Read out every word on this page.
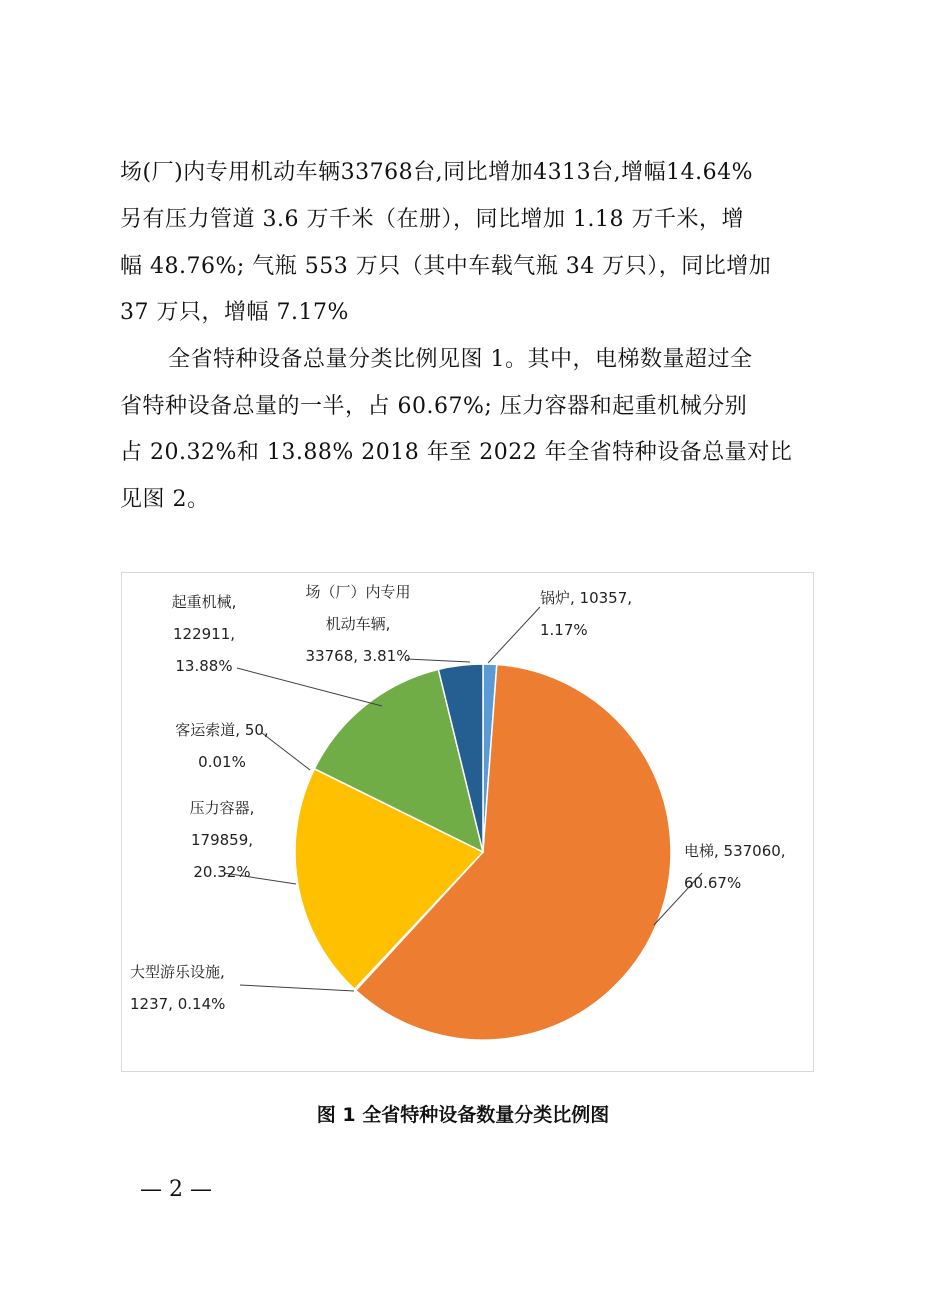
场(厂)内专用机动车辆33768台,同比增加4313台,增幅14.64%
另有压力管道 3.6 万千米（在册），同比增加 1.18 万千米，增
幅 48.76%; 气瓶 553 万只（其中车载气瓶 34 万只），同比增加
37 万只，增幅 7.17%
全省特种设备总量分类比例见图 1。其中，电梯数量超过全
省特种设备总量的一半，占 60.67%; 压力容器和起重机械分别
占 20.32%和 13.88% 2018 年至 2022 年全省特种设备总量对比
见图 2。
锅炉, 10357, 1.17%
电梯, 537060, 60.67%
大型游乐设施, 1237, 0.14%
压力容器, 179859, 20.32%
客运索道, 50, 0.01%
起重机械, 122911, 13.88%
场（厂）内专用机动车辆, 33768, 3.81%
图 1 全省特种设备数量分类比例图
— 2 —
